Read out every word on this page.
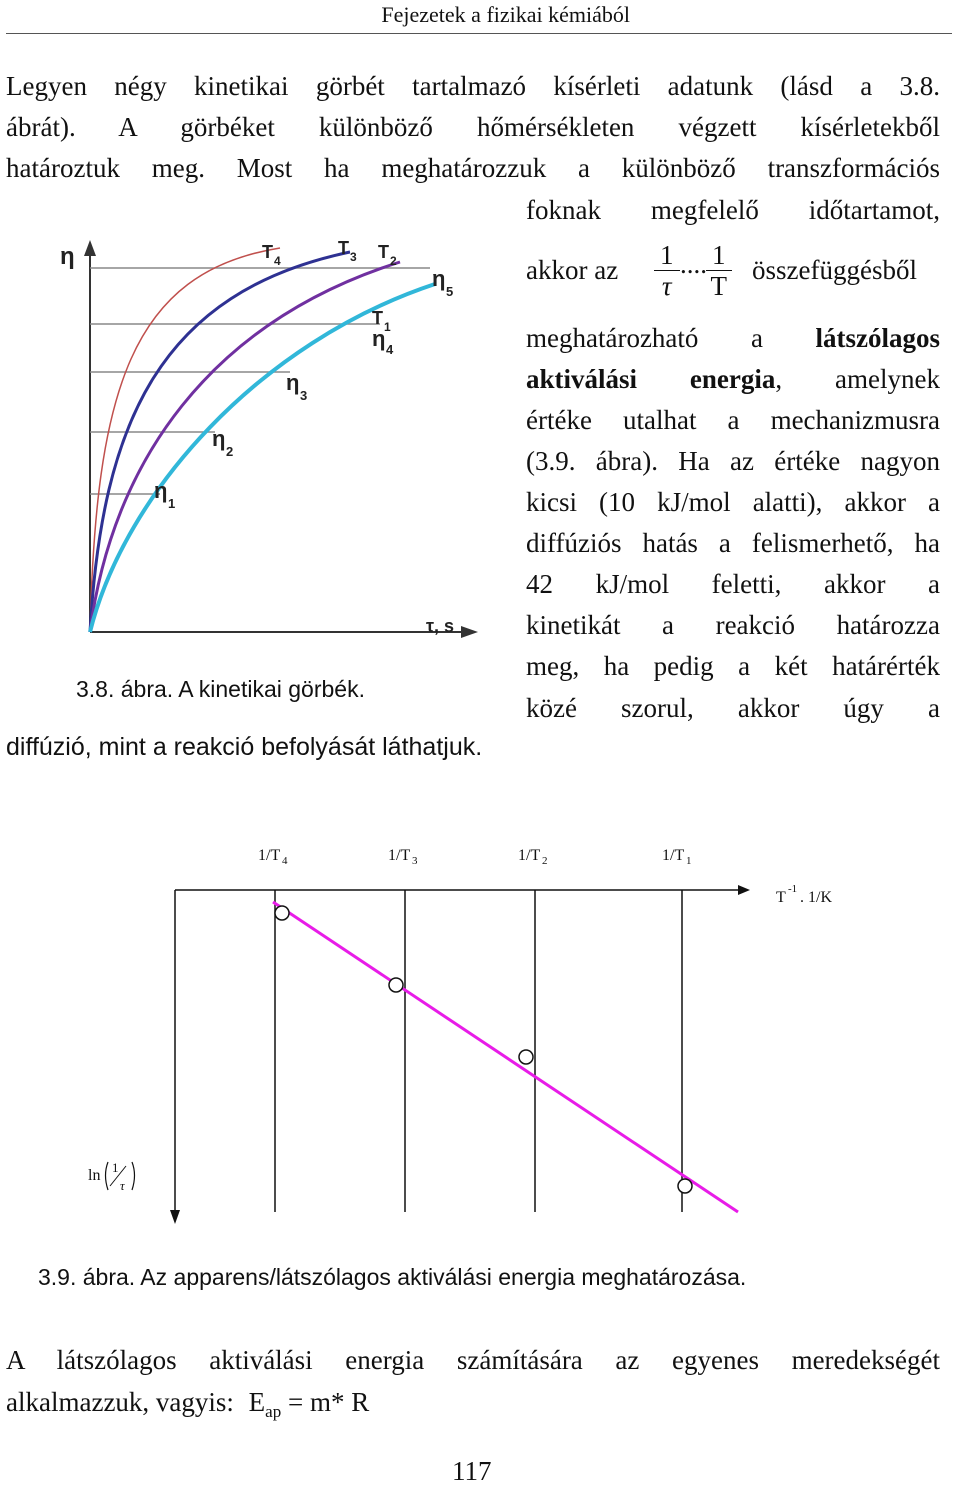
Fejezetek a fizikai kémiából
Legyen négy kinetikai görbét tartalmazó kísérleti adatunk (lásd a 3.8.
ábrát). A görbéket különböző hőmérsékleten végzett kísérletekből
határoztuk meg. Most ha meghatározzuk a különböző transzformációs
foknak megfelelő időtartamot,
akkor az $\frac{1}{\tau}$ .... $\frac{1}{T}$ összefüggésből
meghatározható a látszólagos
aktiválási energia, amelynek
értéke utalhat a mechanizmusra
(3.9. ábra). Ha az értéke nagyon
kicsi (10 kJ/mol alatti), akkor a
diffúziós hatás a felismerhető, ha
42 kJ/mol feletti, akkor a
kinetikát a reakció határozza
meg, ha pedig a két határérték
közé szorul, akkor úgy a
diffúzió, mint a reakció befolyását láthatjuk.
η
τ, s
T 4
T 3 T 2
T 1
η
5
η 4
η
3
η
2
η
1
3.8. ábra. A kinetikai görbék.
1/T 4	1/T 3	1/T 2	1/T 1
T -1 . 1/K
ln 1
τ
3.9. ábra. Az apparens/látszólagos aktiválási energia meghatározása.
A látszólagos aktiválási energia számítására az egyenes meredekségét
alkalmazzuk, vagyis: $E_{ap} = m*$ R
117
